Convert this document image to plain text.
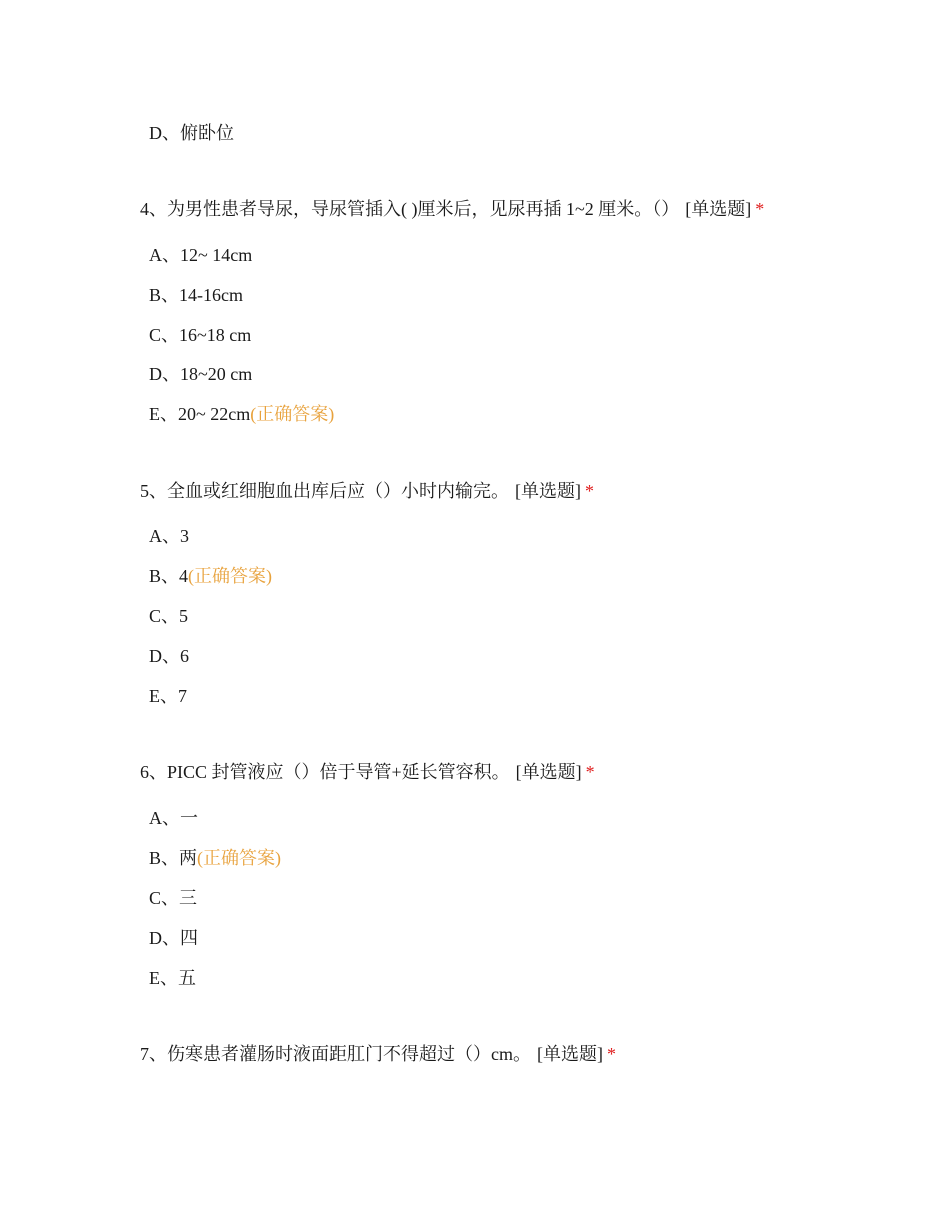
D、俯卧位
4、为男性患者导尿，导尿管插入( )厘米后，见尿再插 1~2 厘米。（） [单选题] *
A、12~ 14cm
B、14-16cm
C、16~18 cm
D、18~20 cm
E、20~ 22cm(正确答案)
5、全血或红细胞血出库后应（）小时内输完。 [单选题] *
A、3
B、4(正确答案)
C、5
D、6
E、7
6、PICC 封管液应（）倍于导管+延长管容积。 [单选题] *
A、一
B、两(正确答案)
C、三
D、四
E、五
7、伤寒患者灌肠时液面距肛门不得超过（）cm。 [单选题] *
